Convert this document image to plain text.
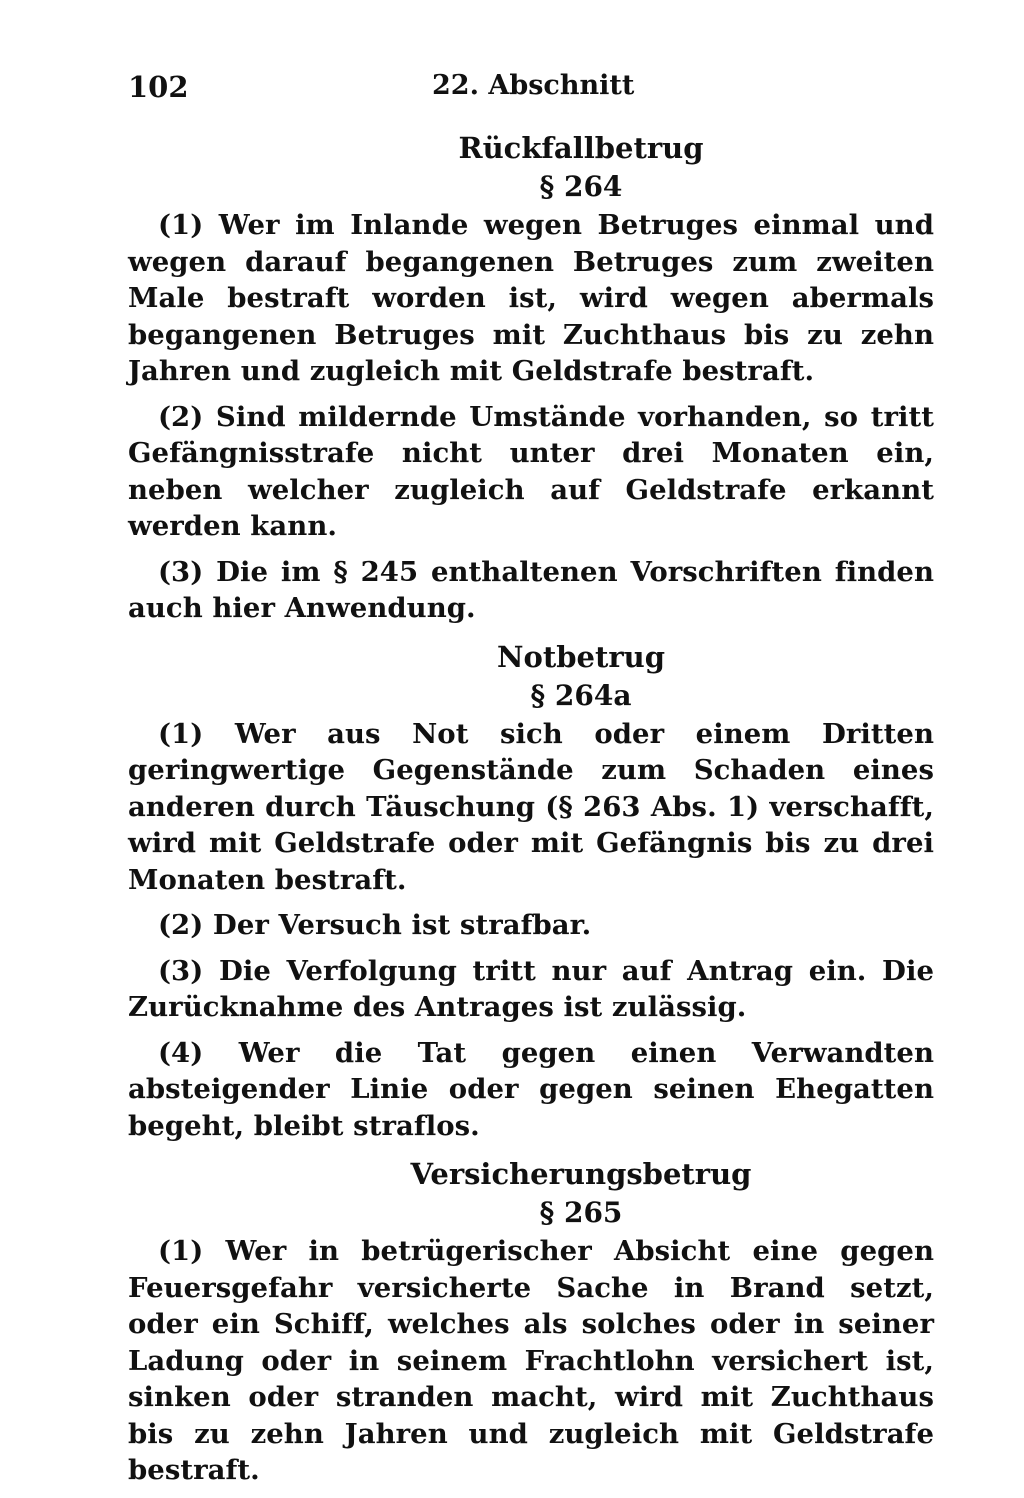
102	22. Abschnitt
Rückfallbetrug
§ 264

(1) Wer im Inlande wegen Betruges einmal und wegen darauf begangenen Betruges zum zweiten Male bestraft worden ist, wird wegen abermals begangenen Betruges mit Zuchthaus bis zu zehn Jahren und zugleich mit Geldstrafe bestraft.

(2) Sind mildernde Umstände vorhanden, so tritt Gefängnisstrafe nicht unter drei Monaten ein, neben welcher zugleich auf Geldstrafe erkannt werden kann.

(3) Die im § 245 enthaltenen Vorschriften finden auch hier Anwendung.

Notbetrug
§ 264a

(1) Wer aus Not sich oder einem Dritten geringwertige Gegenstände zum Schaden eines anderen durch Täuschung (§ 263 Abs. 1) verschafft, wird mit Geldstrafe oder mit Gefängnis bis zu drei Monaten bestraft.

(2) Der Versuch ist strafbar.

(3) Die Verfolgung tritt nur auf Antrag ein. Die Zurücknahme des Antrages ist zulässig.

(4) Wer die Tat gegen einen Verwandten absteigender Linie oder gegen seinen Ehegatten begeht, bleibt straflos.

Versicherungsbetrug
§ 265

(1) Wer in betrügerischer Absicht eine gegen Feuersgefahr versicherte Sache in Brand setzt, oder ein Schiff, welches als solches oder in seiner Ladung oder in seinem Frachtlohn versichert ist, sinken oder stranden macht, wird mit Zuchthaus bis zu zehn Jahren und zugleich mit Geldstrafe bestraft.
